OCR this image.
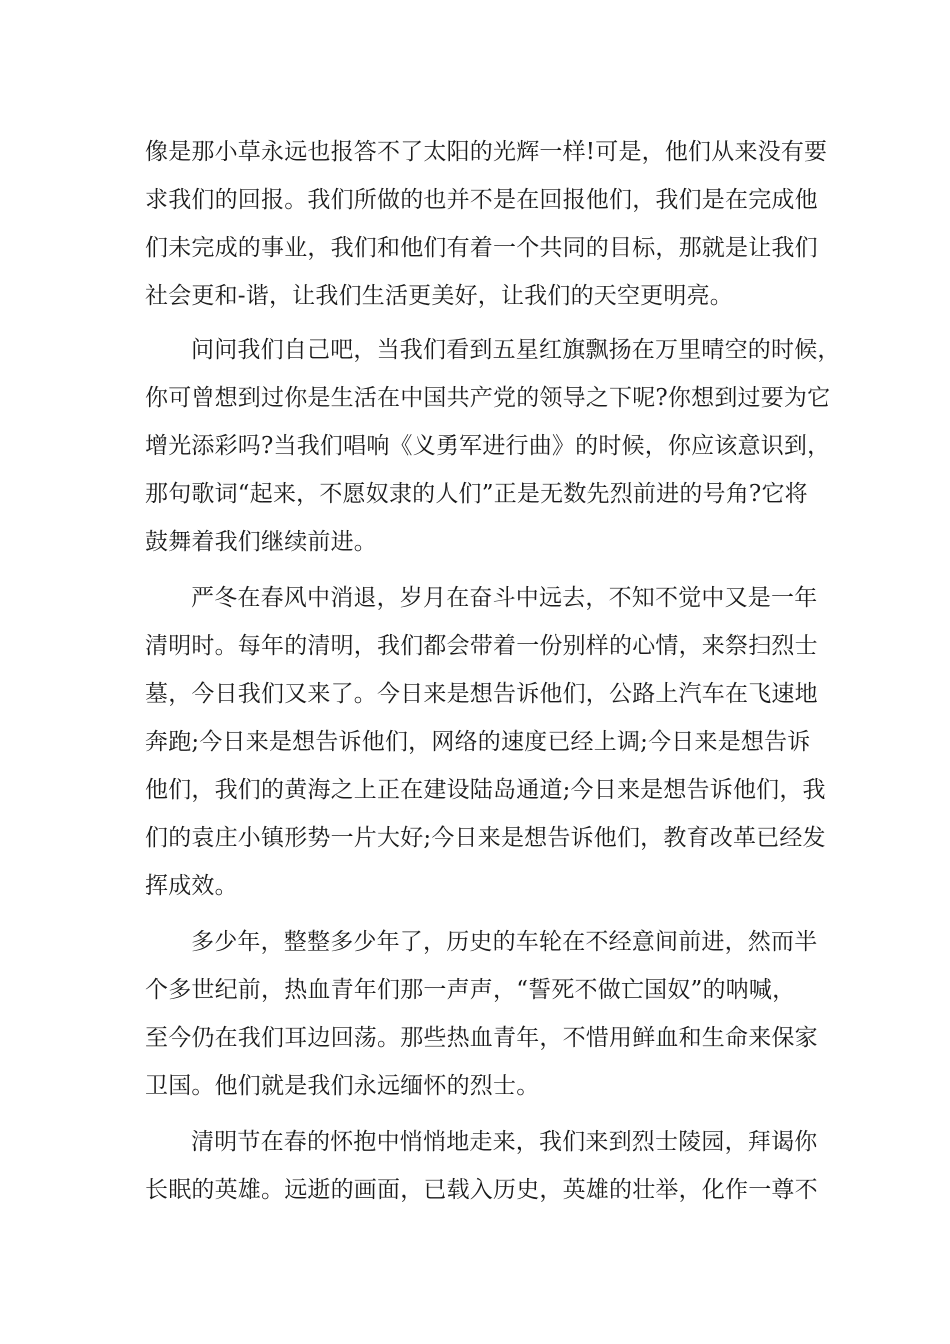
像是那小草永远也报答不了太阳的光辉一样!可是，他们从来没有要
求我们的回报。我们所做的也并不是在回报他们，我们是在完成他
们未完成的事业，我们和他们有着一个共同的目标，那就是让我们
社会更和-谐，让我们生活更美好，让我们的天空更明亮。
问问我们自己吧，当我们看到五星红旗飘扬在万里晴空的时候，
你可曾想到过你是生活在中国共产党的领导之下呢?你想到过要为它
增光添彩吗?当我们唱响《义勇军进行曲》的时候，你应该意识到，
那句歌词“起来，不愿奴隶的人们”正是无数先烈前进的号角?它将
鼓舞着我们继续前进。
严冬在春风中消退，岁月在奋斗中远去，不知不觉中又是一年
清明时。每年的清明，我们都会带着一份别样的心情，来祭扫烈士
墓，今日我们又来了。今日来是想告诉他们，公路上汽车在飞速地
奔跑;今日来是想告诉他们，网络的速度已经上调;今日来是想告诉
他们，我们的黄海之上正在建设陆岛通道;今日来是想告诉他们，我
们的袁庄小镇形势一片大好;今日来是想告诉他们，教育改革已经发
挥成效。
多少年，整整多少年了，历史的车轮在不经意间前进，然而半
个多世纪前，热血青年们那一声声，“誓死不做亡国奴”的呐喊，
至今仍在我们耳边回荡。那些热血青年，不惜用鲜血和生命来保家
卫国。他们就是我们永远缅怀的烈士。
清明节在春的怀抱中悄悄地走来，我们来到烈士陵园，拜谒你
长眠的英雄。远逝的画面，已载入历史，英雄的壮举，化作一尊不
